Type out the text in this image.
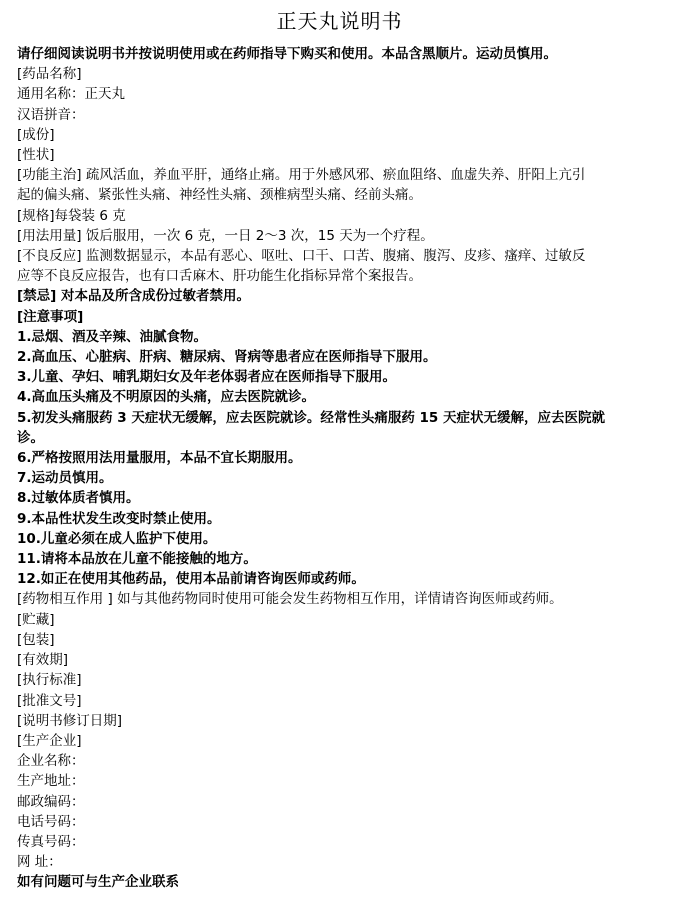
正天丸说明书
请仔细阅读说明书并按说明使用或在药师指导下购买和使用。本品含黑顺片。运动员慎用。
[药品名称]
通用名称：正天丸
汉语拼音：
[成份]
[性状]
[功能主治] 疏风活血，养血平肝，通络止痛。用于外感风邪、瘀血阻络、血虚失养、肝阳上亢引
起的偏头痛、紧张性头痛、神经性头痛、颈椎病型头痛、经前头痛。
[规格]每袋装 6 克
[用法用量] 饭后服用，一次 6 克，一日 2～3 次，15 天为一个疗程。
[不良反应] 监测数据显示，本品有恶心、呕吐、口干、口苦、腹痛、腹泻、皮疹、瘙痒、过敏反
应等不良反应报告，也有口舌麻木、肝功能生化指标异常个案报告。
[禁忌] 对本品及所含成份过敏者禁用。
[注意事项]
1.忌烟、酒及辛辣、油腻食物。
2.高血压、心脏病、肝病、糖尿病、肾病等患者应在医师指导下服用。
3.儿童、孕妇、哺乳期妇女及年老体弱者应在医师指导下服用。
4.高血压头痛及不明原因的头痛，应去医院就诊。
5.初发头痛服药 3 天症状无缓解，应去医院就诊。经常性头痛服药 15 天症状无缓解，应去医院就
诊。
6.严格按照用法用量服用，本品不宜长期服用。
7.运动员慎用。
8.过敏体质者慎用。
9.本品性状发生改变时禁止使用。
10.儿童必须在成人监护下使用。
11.请将本品放在儿童不能接触的地方。
12.如正在使用其他药品，使用本品前请咨询医师或药师。
[药物相互作用 ] 如与其他药物同时使用可能会发生药物相互作用，详情请咨询医师或药师。
[贮藏]
[包装]
[有效期]
[执行标准]
[批准文号]
[说明书修订日期]
[生产企业]
企业名称：
生产地址：
邮政编码：
电话号码：
传真号码：
网 址：
如有问题可与生产企业联系
